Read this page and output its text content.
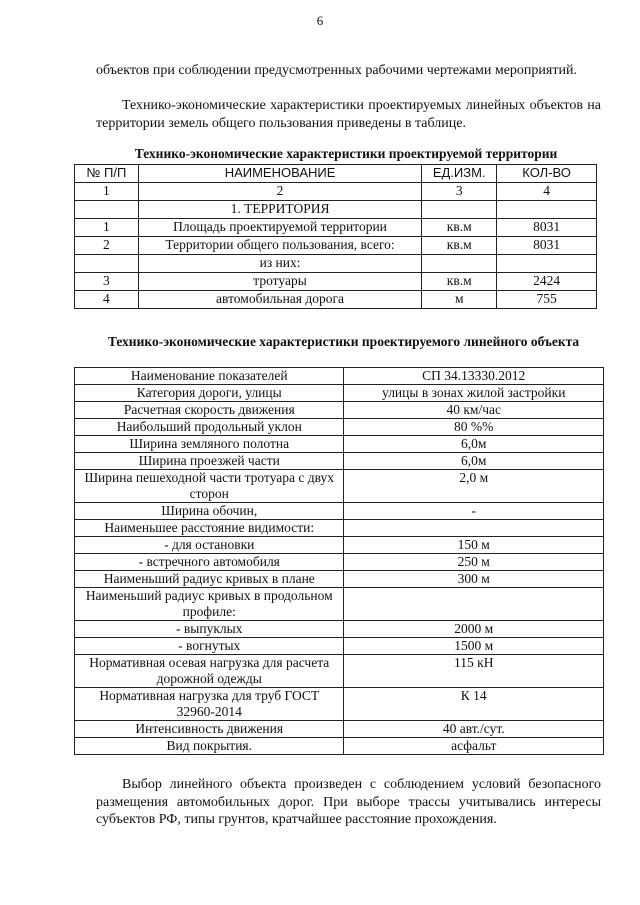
6

объектов при соблюдении предусмотренных рабочими чертежами мероприятий.

Технико-экономические характеристики проектируемых линейных объектов на территории земель общего пользования приведены в таблице.

Технико-экономические характеристики проектируемой территории
№ П/П	НАИМЕНОВАНИЕ	ЕД.ИЗМ.	КОЛ-ВО
1	2	3	4
	1. ТЕРРИТОРИЯ		
1	Площадь проектируемой территории	кв.м	8031
2	Территории общего пользования, всего:	кв.м	8031
	из них:		
3	тротуары	кв.м	2424
4	автомобильная дорога	м	755
Технико-экономические характеристики проектируемого линейного объекта
Наименование показателей	СП 34.13330.2012
Категория дороги, улицы	улицы в зонах жилой застройки
Расчетная скорость движения	40 км/час
Наибольший продольный уклон	80 %%
Ширина земляного полотна	6,0м
Ширина проезжей части	6,0м
Ширина пешеходной части тротуара с двух сторон	2,0 м
Ширина обочин,	-
Наименьшее расстояние видимости:	
- для остановки	150 м
- встречного автомобиля	250 м
Наименьший радиус кривых в плане	300 м
Наименьший радиус кривых в продольном профиле:	
- выпуклых	2000 м
- вогнутых	1500 м
Нормативная осевая нагрузка для расчета дорожной одежды	115 кН
Нормативная нагрузка для труб ГОСТ 32960-2014	К 14
Интенсивность движения	40 авт./сут.
Вид покрытия.	асфальт

Выбор линейного объекта произведен с соблюдением условий безопасного размещения автомобильных дорог. При выборе трассы учитывались интересы субъектов РФ, типы грунтов, кратчайшее расстояние прохождения.
